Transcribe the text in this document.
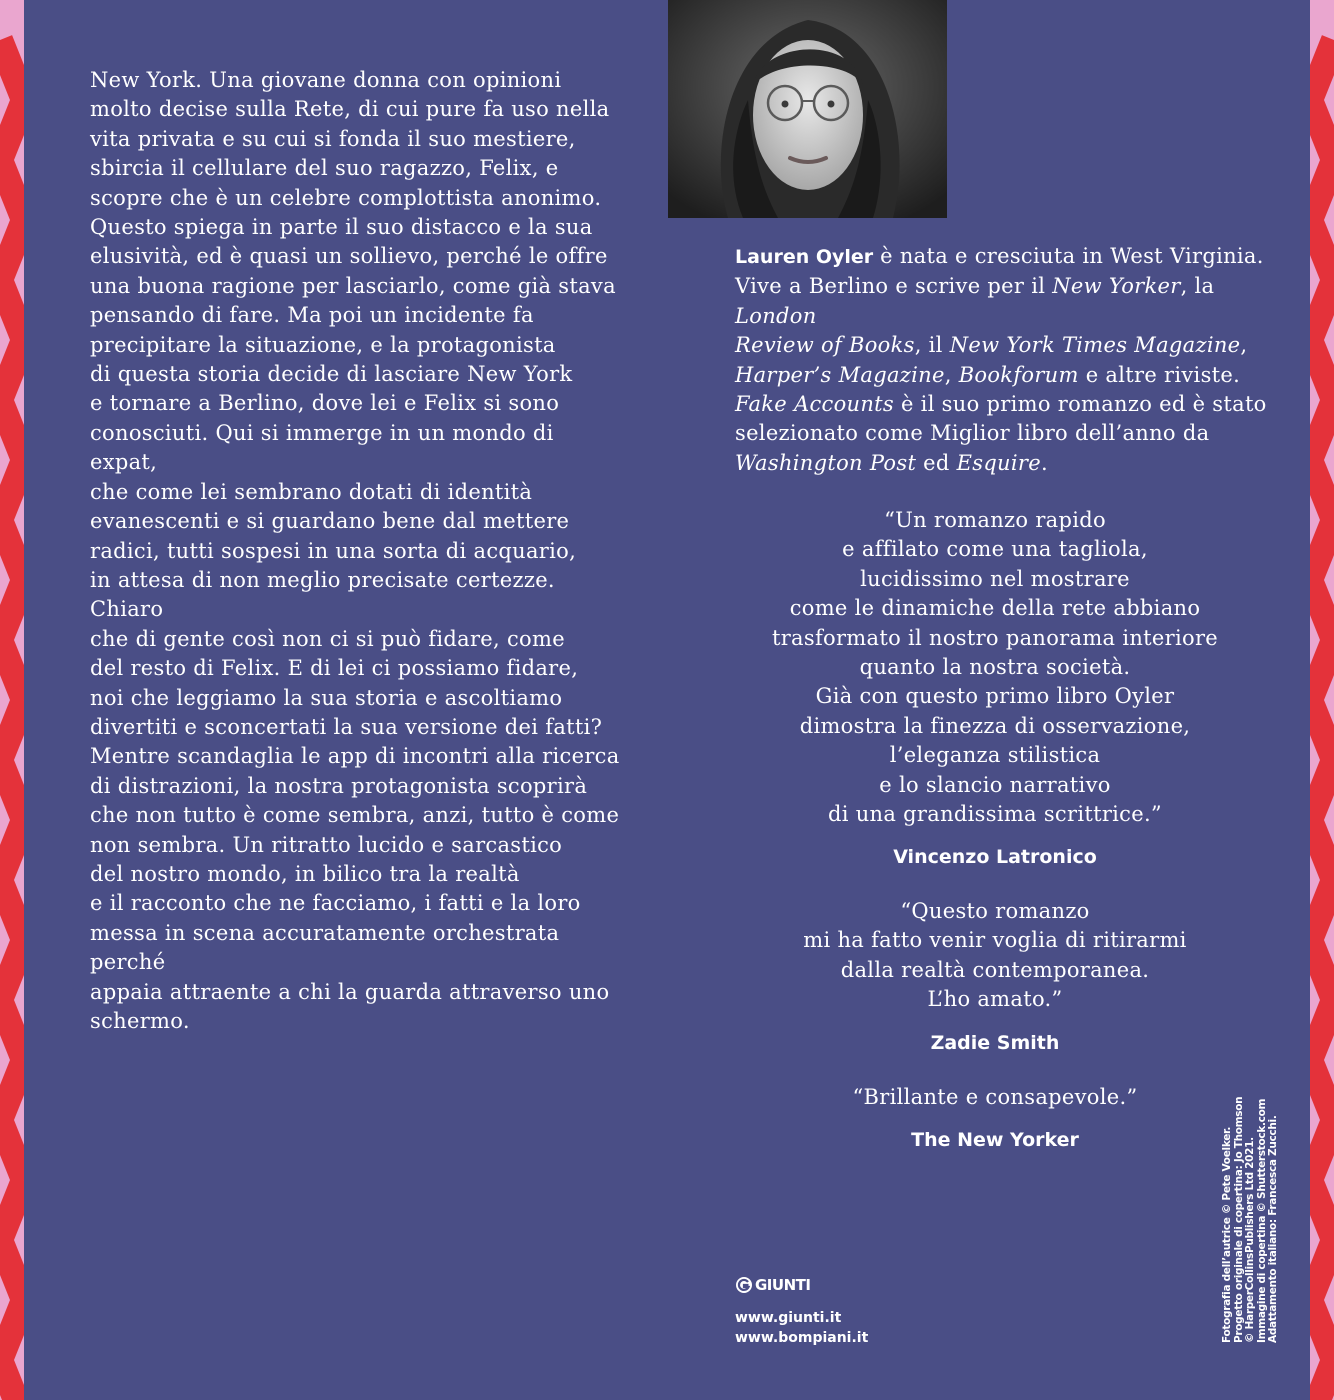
New York. Una giovane donna con opinioni

molto decise sulla Rete, di cui pure fa uso nella

vita privata e su cui si fonda il suo mestiere,

sbircia il cellulare del suo ragazzo, Felix, e

scopre che è un celebre complottista anonimo.

Questo spiega in parte il suo distacco e la sua

elusività, ed è quasi un sollievo, perché le offre

una buona ragione per lasciarlo, come già stava

pensando di fare. Ma poi un incidente fa

precipitare la situazione, e la protagonista

di questa storia decide di lasciare New York

e tornare a Berlino, dove lei e Felix si sono

conosciuti. Qui si immerge in un mondo di expat,

che come lei sembrano dotati di identità

evanescenti e si guardano bene dal mettere

radici, tutti sospesi in una sorta di acquario,

in attesa di non meglio precisate certezze. Chiaro

che di gente così non ci si può fidare, come

del resto di Felix. E di lei ci possiamo fidare,

noi che leggiamo la sua storia e ascoltiamo

divertiti e sconcertati la sua versione dei fatti?

Mentre scandaglia le app di incontri alla ricerca

di distrazioni, la nostra protagonista scoprirà

che non tutto è come sembra, anzi, tutto è come

non sembra. Un ritratto lucido e sarcastico

del nostro mondo, in bilico tra la realtà

e il racconto che ne facciamo, i fatti e la loro

messa in scena accuratamente orchestrata perché

appaia attraente a chi la guarda attraverso uno

schermo.

Lauren Oyler è nata e cresciuta in West Virginia.

Vive a Berlino e scrive per il New Yorker, la London

Review of Books, il New York Times Magazine,

Harper’s Magazine, Bookforum e altre riviste.

Fake Accounts è il suo primo romanzo ed è stato

selezionato come Miglior libro dell’anno da

Washington Post ed Esquire.

“Un romanzo rapido

e affilato come una tagliola,

lucidissimo nel mostrare

come le dinamiche della rete abbiano

trasformato il nostro panorama interiore

quanto la nostra società.

Già con questo primo libro Oyler

dimostra la finezza di osservazione,

l’eleganza stilistica

e lo slancio narrativo

di una grandissima scrittrice.”

Vincenzo Latronico

“Questo romanzo

mi ha fatto venir voglia di ritirarmi

dalla realtà contemporanea.

L’ho amato.”

Zadie Smith

“Brillante e consapevole.”

The New Yorker

GIUNTI
www.giunti.it
www.bompiani.it	Fotografia dell’autrice © Pete Voelker. Progetto originale di copertina: Jo Thomson © HarperCollinsPublishers Ltd 2021. Immagine di copertina © Shutterstock.com Adattamento italiano: Francesca Zucchi.
